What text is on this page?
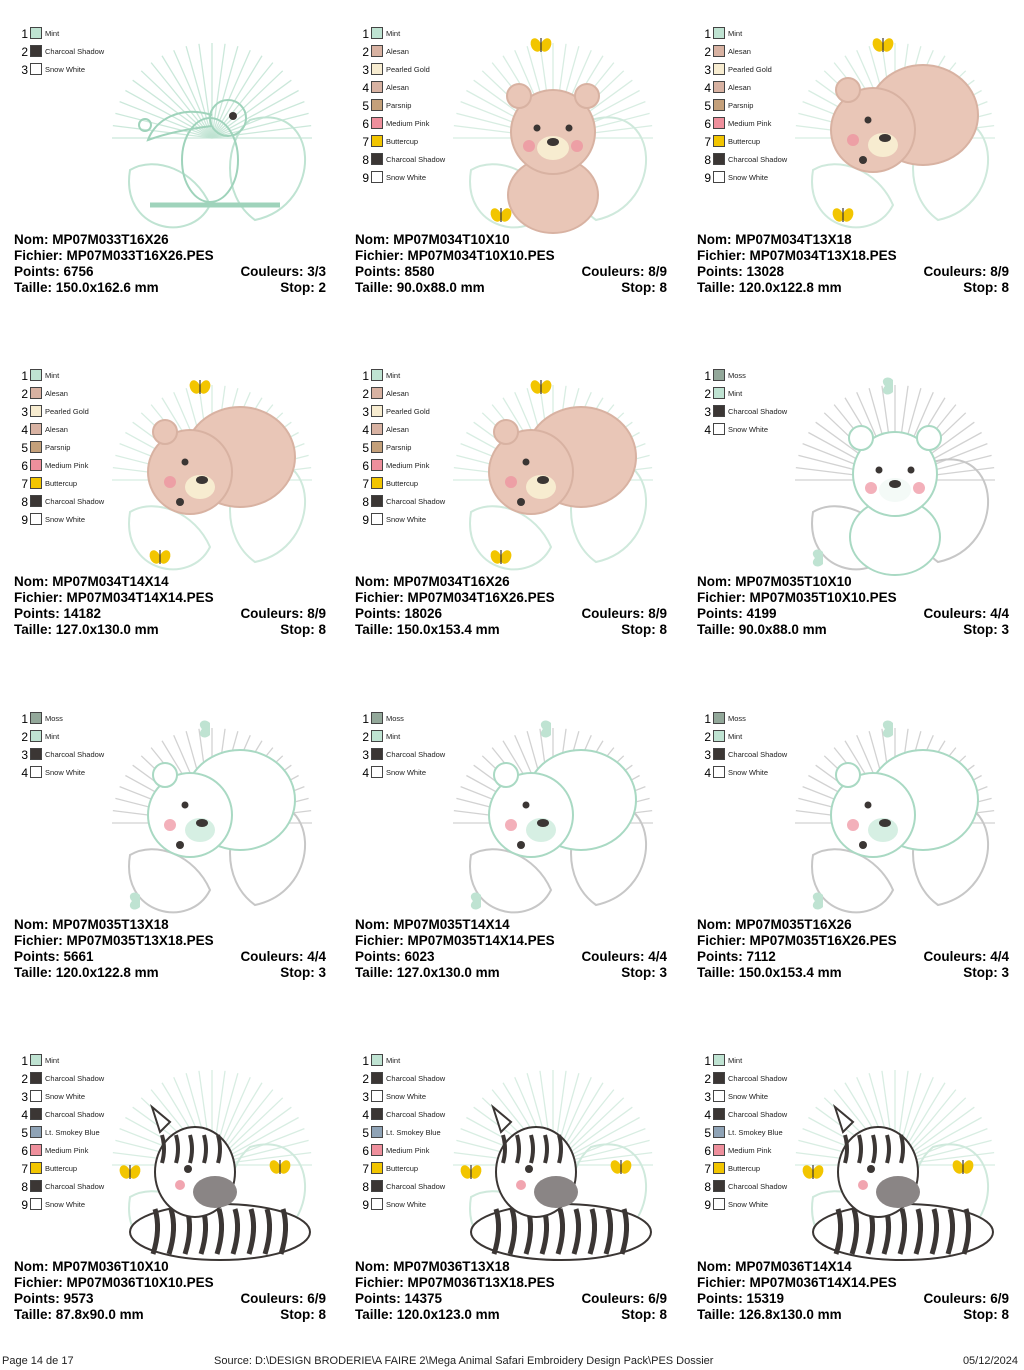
1 Mint
2 Charcoal Shadow
3 Snow White
Nom: MP07M033T16X26
Fichier: MP07M033T16X26.PES
Points: 6756	Couleurs: 3/3
Taille: 150.0x162.6 mm	Stop: 2
1 Mint
2 Alesan
3 Pearled Gold
4 Alesan
5 Parsnip
6 Medium Pink
7 Buttercup
8 Charcoal Shadow
9 Snow White
Nom: MP07M034T10X10
Fichier: MP07M034T10X10.PES
Points: 8580	Couleurs: 8/9
Taille: 90.0x88.0 mm	Stop: 8
1 Mint
2 Alesan
3 Pearled Gold
4 Alesan
5 Parsnip
6 Medium Pink
7 Buttercup
8 Charcoal Shadow
9 Snow White
Nom: MP07M034T13X18
Fichier: MP07M034T13X18.PES
Points: 13028	Couleurs: 8/9
Taille: 120.0x122.8 mm	Stop: 8
1 Mint
2 Alesan
3 Pearled Gold
4 Alesan
5 Parsnip
6 Medium Pink
7 Buttercup
8 Charcoal Shadow
9 Snow White
Nom: MP07M034T14X14
Fichier: MP07M034T14X14.PES
Points: 14182	Couleurs: 8/9
Taille: 127.0x130.0 mm	Stop: 8
1 Mint
2 Alesan
3 Pearled Gold
4 Alesan
5 Parsnip
6 Medium Pink
7 Buttercup
8 Charcoal Shadow
9 Snow White
Nom: MP07M034T16X26
Fichier: MP07M034T16X26.PES
Points: 18026	Couleurs: 8/9
Taille: 150.0x153.4 mm	Stop: 8
1 Moss
2 Mint
3 Charcoal Shadow
4 Snow White
Nom: MP07M035T10X10
Fichier: MP07M035T10X10.PES
Points: 4199	Couleurs: 4/4
Taille: 90.0x88.0 mm	Stop: 3
1 Moss
2 Mint
3 Charcoal Shadow
4 Snow White
Nom: MP07M035T13X18
Fichier: MP07M035T13X18.PES
Points: 5661	Couleurs: 4/4
Taille: 120.0x122.8 mm	Stop: 3
1 Moss
2 Mint
3 Charcoal Shadow
4 Snow White
Nom: MP07M035T14X14
Fichier: MP07M035T14X14.PES
Points: 6023	Couleurs: 4/4
Taille: 127.0x130.0 mm	Stop: 3
1 Moss
2 Mint
3 Charcoal Shadow
4 Snow White
Nom: MP07M035T16X26
Fichier: MP07M035T16X26.PES
Points: 7112	Couleurs: 4/4
Taille: 150.0x153.4 mm	Stop: 3
1 Mint
2 Charcoal Shadow
3 Snow White
4 Charcoal Shadow
5 Lt. Smokey Blue
6 Medium Pink
7 Buttercup
8 Charcoal Shadow
9 Snow White
Nom: MP07M036T10X10
Fichier: MP07M036T10X10.PES
Points: 9573	Couleurs: 6/9
Taille: 87.8x90.0 mm	Stop: 8
1 Mint
2 Charcoal Shadow
3 Snow White
4 Charcoal Shadow
5 Lt. Smokey Blue
6 Medium Pink
7 Buttercup
8 Charcoal Shadow
9 Snow White
Nom: MP07M036T13X18
Fichier: MP07M036T13X18.PES
Points: 14375	Couleurs: 6/9
Taille: 120.0x123.0 mm	Stop: 8
1 Mint
2 Charcoal Shadow
3 Snow White
4 Charcoal Shadow
5 Lt. Smokey Blue
6 Medium Pink
7 Buttercup
8 Charcoal Shadow
9 Snow White
Nom: MP07M036T14X14
Fichier: MP07M036T14X14.PES
Points: 15319	Couleurs: 6/9
Taille: 126.8x130.0 mm	Stop: 8
Page 14 de 17	Source: D:\DESIGN BRODERIE\A FAIRE 2\Mega Animal Safari Embroidery Design Pack\PES Dossier	05/12/2024
